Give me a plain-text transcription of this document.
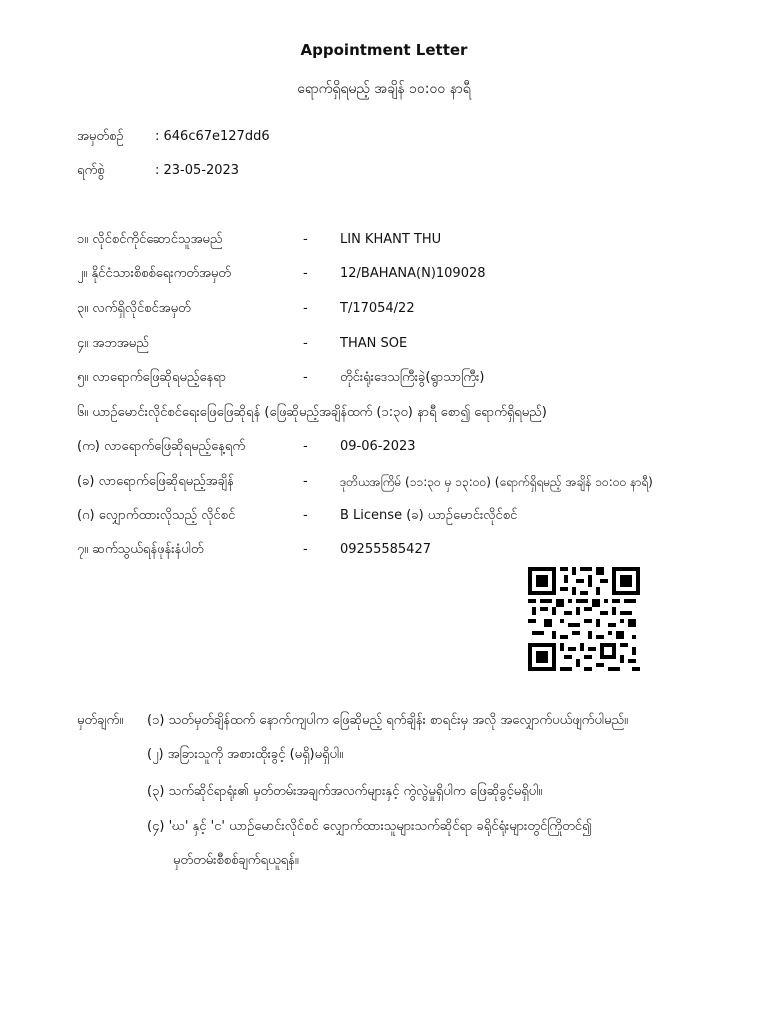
Appointment Letter
ရောက်ရှိရမည့် အချိန် ၁၀:၀၀ နာရီ
အမှတ်စဉ် : 646c67e127dd6
ရက်စွဲ	: 23-05-2023
၁။ လိုင်စင်ကိုင်ဆောင်သူအမည်	- LIN KHANT THU
၂။ နိုင်ငံသားစိစစ်ရေးကတ်အမှတ်	- 12/BAHANA(N)109028
၃။ လက်ရှိလိုင်စင်အမှတ်	- T/17054/22
၄။ အဘအမည်	- THAN SOE
၅။ လာရောက်ဖြေဆိုရမည့်နေရာ	- တိုင်းရုံးဒေသကြီးခွဲ(ရွာသာကြီး)
၆။ ယာဉ်မောင်းလိုင်စင်ရေးဖြေဖြေဆိုရန် (ဖြေဆိုမည့်အချိန်ထက် (၁:၃၀) နာရီ စော၍ ရောက်ရှိရမည်)
(က) လာရောက်ဖြေဆိုရမည့်နေ့ရက်	- 09-06-2023
(ခ) လာရောက်ဖြေဆိုရမည့်အချိန်	-	ဒုတိယအကြိမ် (၁၁:၃၀ မှ ၁၃:၀၀) (ရောက်ရှိရမည့် အချိန် ၁၀:၀၀ နာရီ)
(ဂ) လျှောက်ထားလိုသည့် လိုင်စင်	- B License (ခ) ယာဉ်မောင်းလိုင်စင်
၇။ ဆက်သွယ်ရန်ဖုန်းနံပါတ်	- 09255585427
မှတ်ချက်။ (၁) သတ်မှတ်ချိန်ထက် နောက်ကျပါက ဖြေဆိုမည့် ရက်ချိန်း စာရင်းမှ အလို အလျှောက်ပယ်ဖျက်ပါမည်။
(၂) အခြားသူကို အစားထိုးခွင့် (မရှိ)မရှိပါ။
(၃) သက်ဆိုင်ရာရုံး၏ မှတ်တမ်းအချက်အလက်များနှင့် ကွဲလွဲမှုရှိပါက ဖြေဆိုခွင့်မရှိပါ။
(၄) 'ဃ' နှင့် 'င' ယာဉ်မောင်းလိုင်စင် လျှောက်ထားသူများသက်ဆိုင်ရာ ခရိုင်ရုံးများတွင်ကြိုတင်၍
မှတ်တမ်းစီစစ်ချက်ရယူရန်။
